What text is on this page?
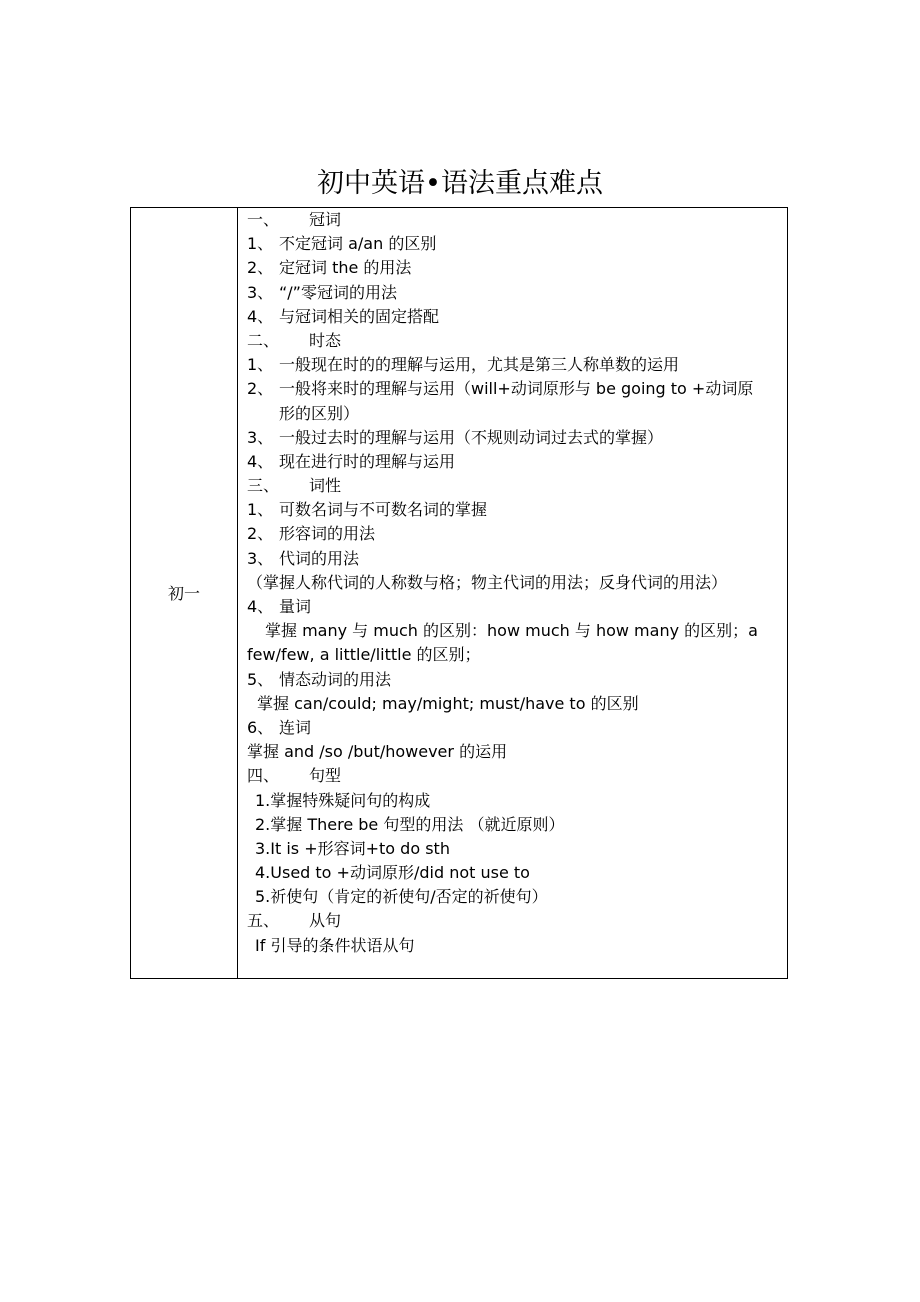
初中英语•语法重点难点
初一
一、 冠词
1、 不定冠词 a/an 的区别
2、 定冠词 the 的用法
3、 “/”零冠词的用法
4、 与冠词相关的固定搭配
二、 时态
1、 一般现在时的的理解与运用，尤其是第三人称单数的运用
2、 一般将来时的理解与运用（will+动词原形与 be going to +动词原
形的区别）
3、 一般过去时的理解与运用（不规则动词过去式的掌握）
4、 现在进行时的理解与运用
三、 词性
1、 可数名词与不可数名词的掌握
2、 形容词的用法
3、 代词的用法
（掌握人称代词的人称数与格；物主代词的用法；反身代词的用法）
4、 量词
掌握 many 与 much 的区别：how much 与 how many 的区别；a
few/few, a little/little 的区别；
5、 情态动词的用法
掌握 can/could; may/might; must/have to 的区别
6、 连词
掌握 and /so /but/however 的运用
四、 句型
1.掌握特殊疑问句的构成
2.掌握 There be 句型的用法 （就近原则）
3.It is +形容词+to do sth
4.Used to +动词原形/did not use to
5.祈使句（肯定的祈使句/否定的祈使句）
五、 从句
If 引导的条件状语从句
